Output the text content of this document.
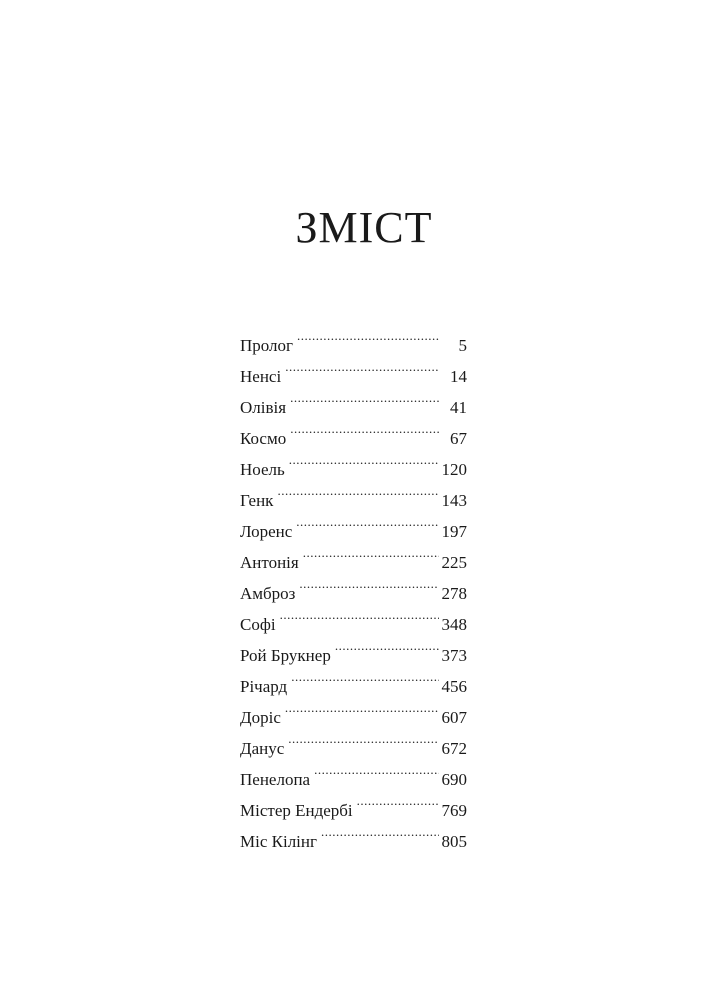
ЗМІСТ
Пролог .....	5
Ненсі .....	14
Олівія .....	41
Космо .....	67
Ноель .....	120
Генк .....	143
Лоренс .....	197
Антонія .....	225
Амброз .....	278
Софі .....	348
Рой Брукнер .....	373
Річард .....	456
Доріс .....	607
Данус .....	672
Пенелопа .....	690
Містер Ендербі .....	769
Міс Кілінг .....	805
